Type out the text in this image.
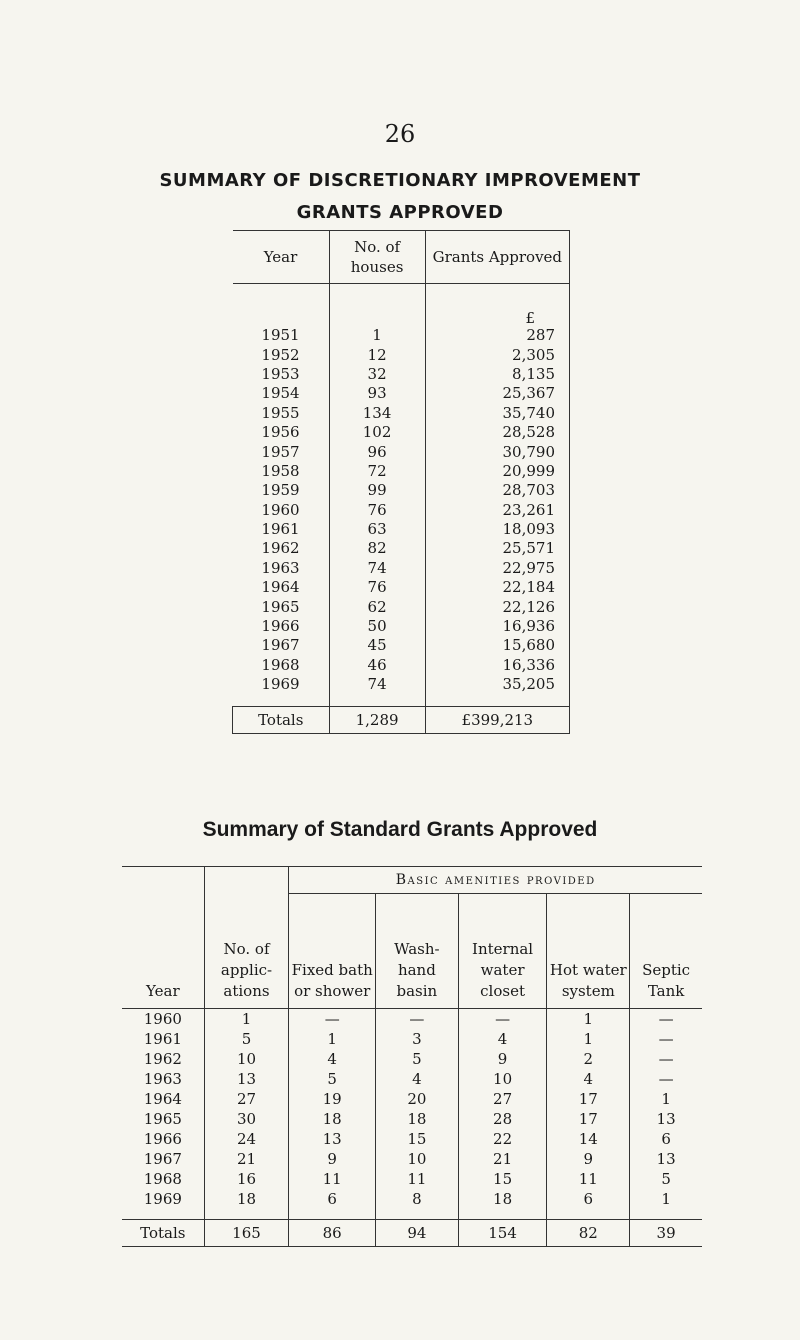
26
SUMMARY OF DISCRETIONARY IMPROVEMENT
GRANTS APPROVED
Year	No. of houses	Grants Approved
		£
1951	1	287
1952	12	2,305
1953	32	8,135
1954	93	25,367
1955	134	35,740
1956	102	28,528
1957	96	30,790
1958	72	20,999
1959	99	28,703
1960	76	23,261
1961	63	18,093
1962	82	25,571
1963	74	22,975
1964	76	22,184
1965	62	22,126
1966	50	16,936
1967	45	15,680
1968	46	16,336
1969	74	35,205

Totals	1,289	£399,213
Summary of Standard Grants Approved
Year	No. of applic- ations	Basic amenities provided				
		Fixed bath or shower	Wash- hand basin	Internal water closet	Hot water system	Septic Tank
1960	1	—	—	—	1	—
1961	5	1	3	4	1	—
1962	10	4	5	9	2	—
1963	13	5	4	10	4	—
1964	27	19	20	27	17	1
1965	30	18	18	28	17	13
1966	24	13	15	22	14	6
1967	21	9	10	21	9	13
1968	16	11	11	15	11	5
1969	18	6	8	18	6	1

Totals	165	86	94	154	82	39
